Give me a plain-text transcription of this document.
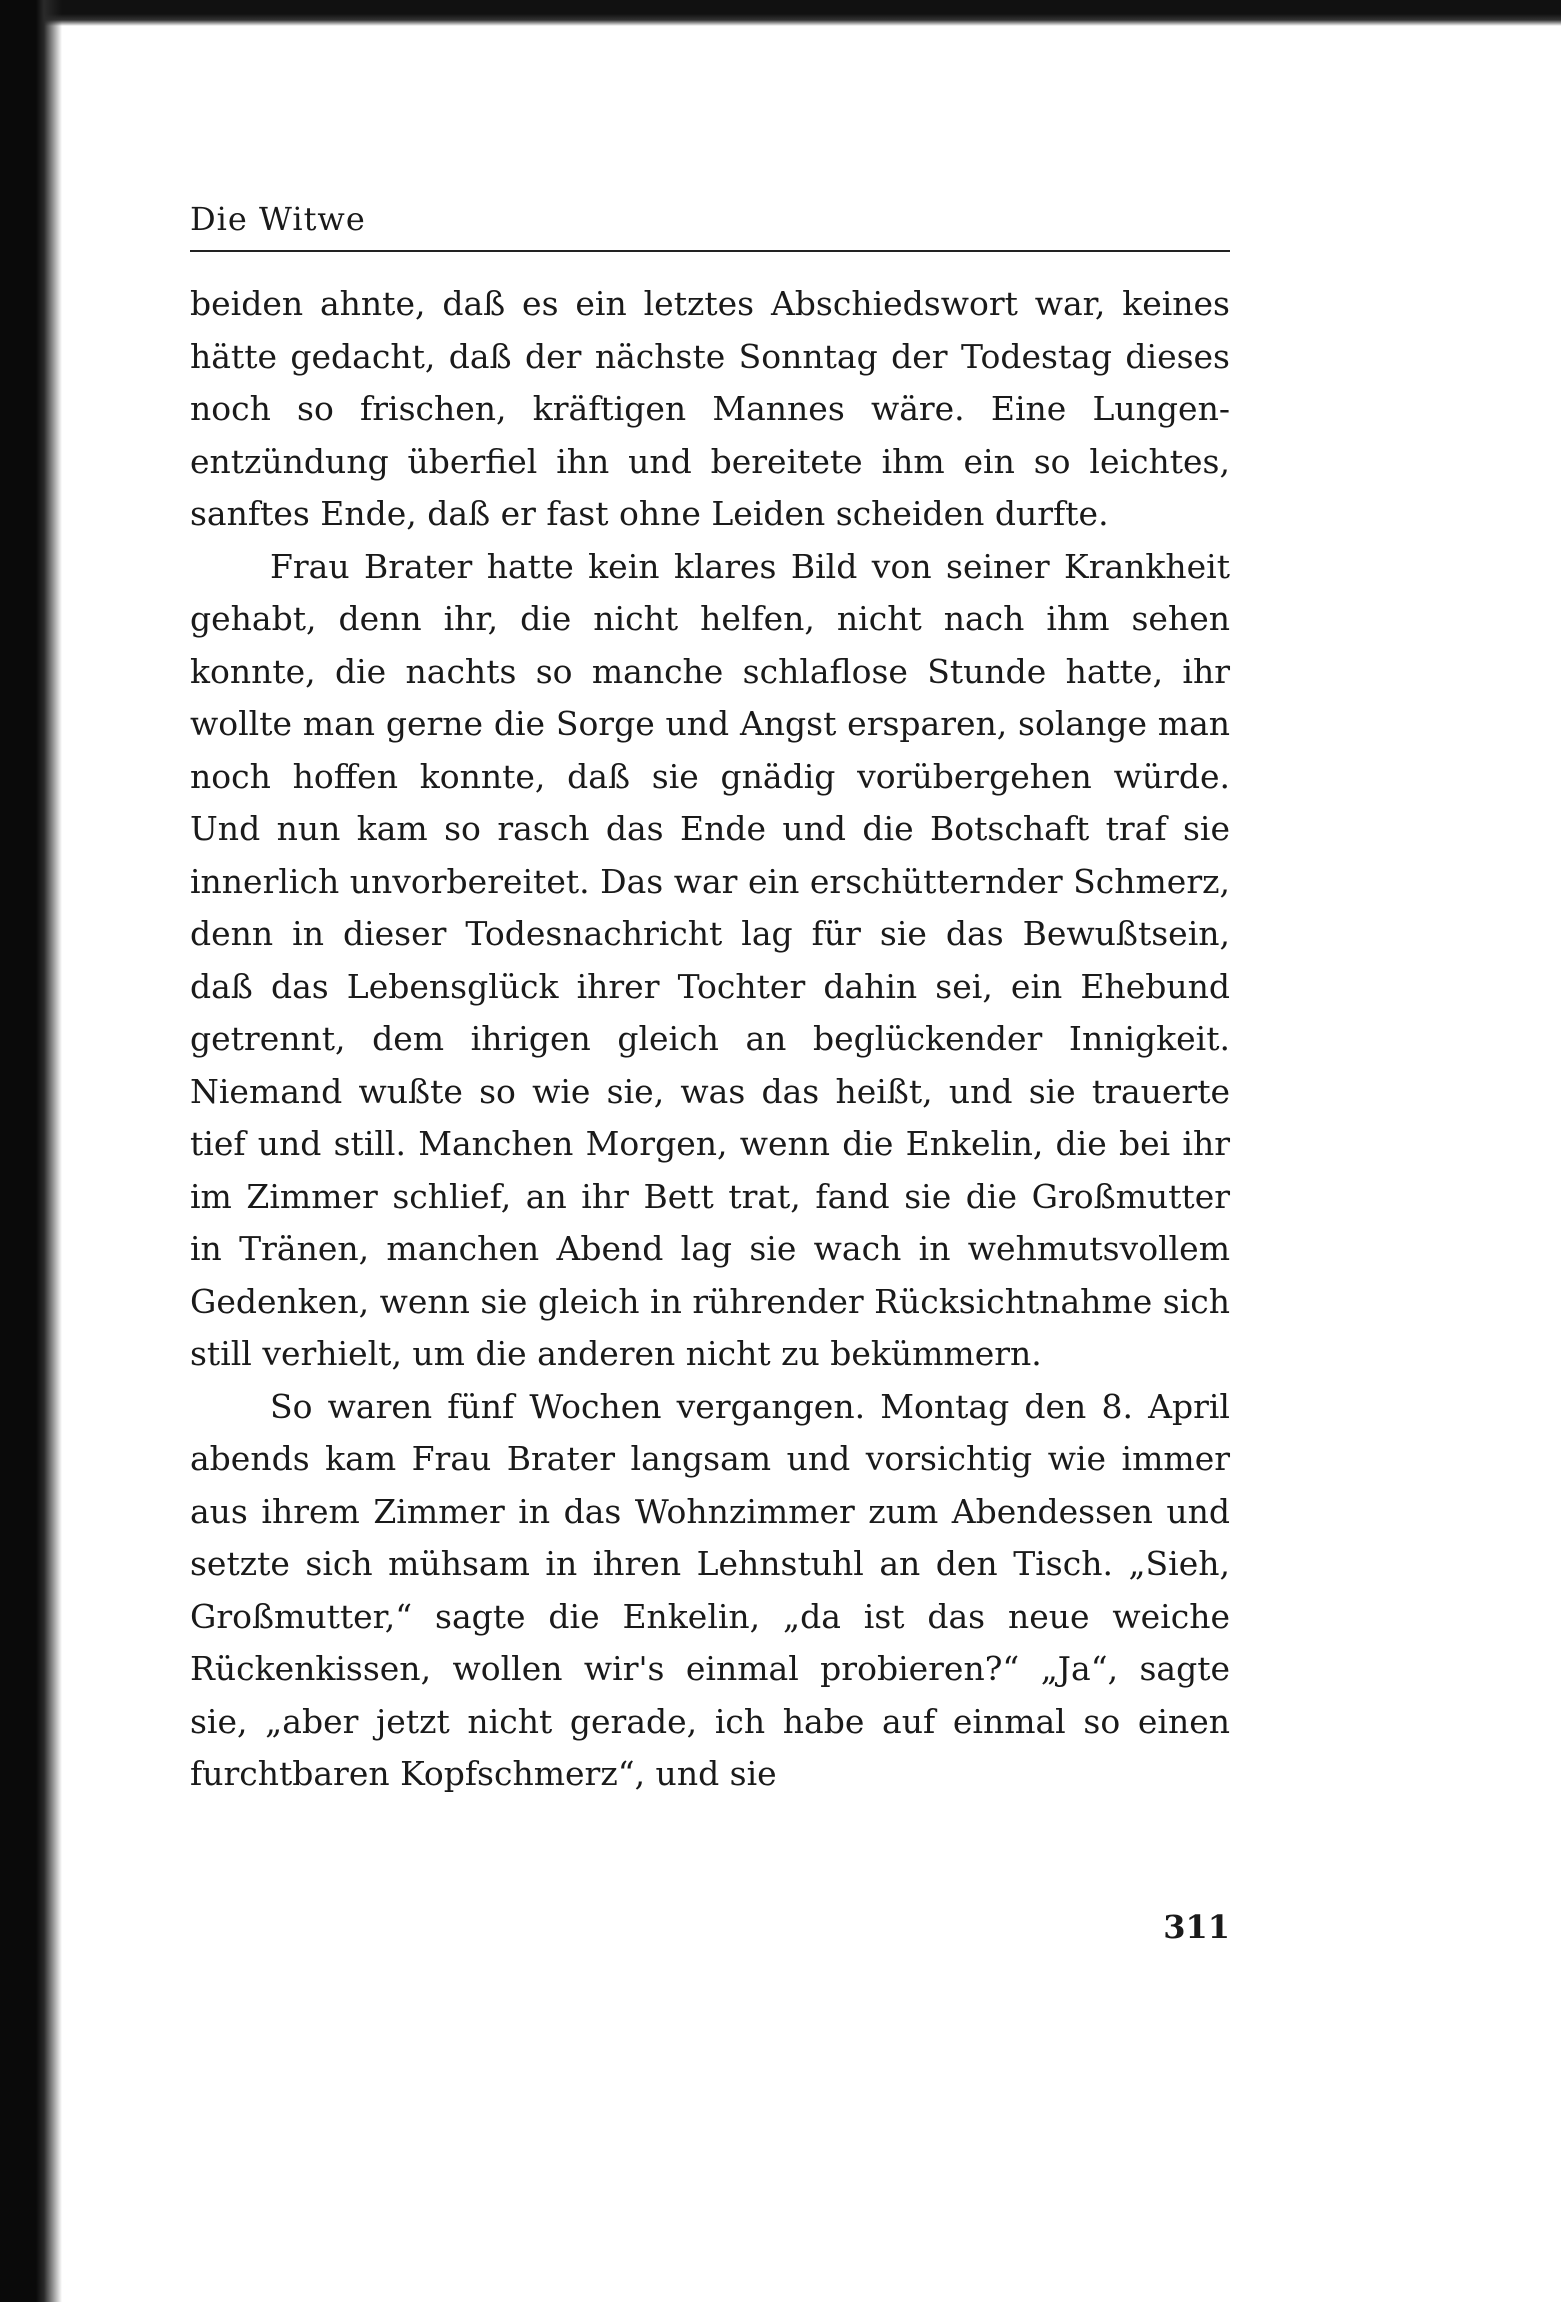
Die Witwe

beiden ahnte, daß es ein letztes Abschiedswort war, keines hätte gedacht, daß der nächste Sonntag der Todestag dieses noch so frischen, kräftigen Mannes wäre. Eine Lungenentzündung überfiel ihn und bereitete ihm ein so leichtes, sanftes Ende, daß er fast ohne Leiden scheiden durfte.

Frau Brater hatte kein klares Bild von seiner Krankheit gehabt, denn ihr, die nicht helfen, nicht nach ihm sehen konnte, die nachts so manche schlaflose Stunde hatte, ihr wollte man gerne die Sorge und Angst ersparen, solange man noch hoffen konnte, daß sie gnädig vorübergehen würde. Und nun kam so rasch das Ende und die Botschaft traf sie innerlich unvorbereitet. Das war ein erschütternder Schmerz, denn in dieser Todesnachricht lag für sie das Bewußtsein, daß das Lebensglück ihrer Tochter dahin sei, ein Ehebund getrennt, dem ihrigen gleich an beglückender Innigkeit. Niemand wußte so wie sie, was das heißt, und sie trauerte tief und still. Manchen Morgen, wenn die Enkelin, die bei ihr im Zimmer schlief, an ihr Bett trat, fand sie die Großmutter in Tränen, manchen Abend lag sie wach in wehmutsvollem Gedenken, wenn sie gleich in rührender Rücksichtnahme sich still verhielt, um die anderen nicht zu bekümmern.

So waren fünf Wochen vergangen. Montag den 8. April abends kam Frau Brater langsam und vorsichtig wie immer aus ihrem Zimmer in das Wohnzimmer zum Abendessen und setzte sich mühsam in ihren Lehnstuhl an den Tisch. „Sieh, Großmutter,“ sagte die Enkelin, „da ist das neue weiche Rückenkissen, wollen wir's einmal probieren?“ „Ja“, sagte sie, „aber jetzt nicht gerade, ich habe auf einmal so einen furchtbaren Kopfschmerz“, und sie

311
